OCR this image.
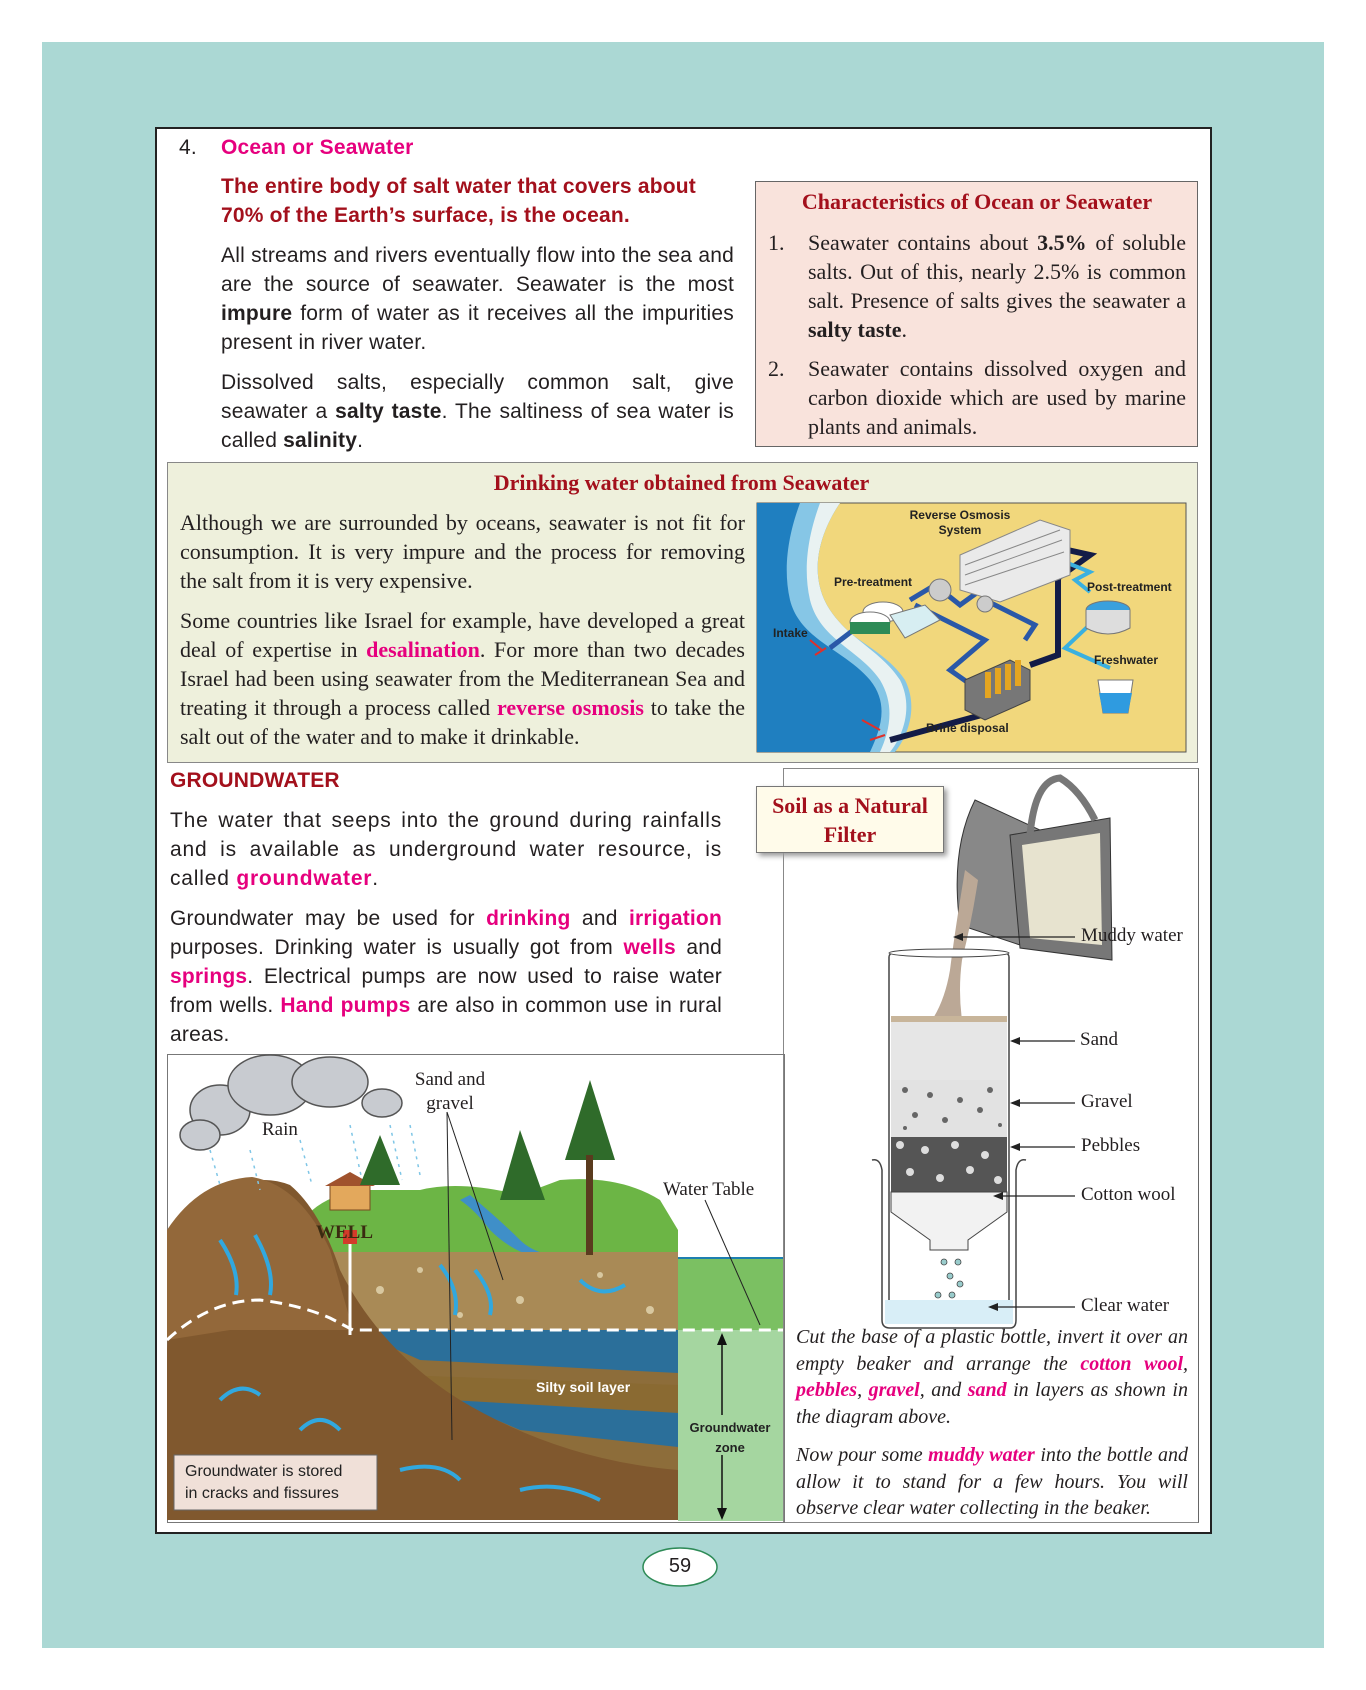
4. Ocean or Seawater

The entire body of salt water that covers about 70% of the Earth’s surface, is the ocean.

All streams and rivers eventually flow into the sea and are the source of seawater. Seawater is the most impure form of water as it receives all the impurities present in river water.

Dissolved salts, especially common salt, give seawater a salty taste. The saltiness of sea water is called salinity.

Characteristics of Ocean or Seawater
1. Seawater contains about 3.5% of soluble salts. Out of this, nearly 2.5% is common salt. Presence of salts gives the seawater a salty taste.

2. Seawater contains dissolved oxygen and carbon dioxide which are used by marine plants and animals.

Drinking water obtained from Seawater

Although we are surrounded by oceans, seawater is not fit for consumption. It is very impure and the process for removing the salt from it is very expensive.

Some countries like Israel for example, have developed a great deal of expertise in desalination. For more than two decades Israel had been using seawater from the Mediterranean Sea and treating it through a process called reverse osmosis to take the salt out of the water and to make it drinkable.

Reverse Osmosis
System
Pre-treatment
Intake
Post-treatment
Freshwater
Brine disposal
GROUNDWATER

The water that seeps into the ground during rainfalls and is available as underground water resource, is called groundwater.

Groundwater may be used for drinking and irrigation purposes. Drinking water is usually got from wells and springs. Electrical pumps are now used to raise water from wells. Hand pumps are also in common use in rural areas.

Sand and
gravel
Rain
Water Table
WELL
Silty soil layer
Groundwater
zone
Groundwater is stored
in cracks and fissures
Soil as a Natural
Filter
Muddy water
Sand
Gravel
Pebbles
Cotton wool
Clear water

Cut the base of a plastic bottle, invert it over an empty beaker and arrange the cotton wool, pebbles, gravel, and sand in layers as shown in the diagram above.

Now pour some muddy water into the bottle and allow it to stand for a few hours. You will observe clear water collecting in the beaker.

59
